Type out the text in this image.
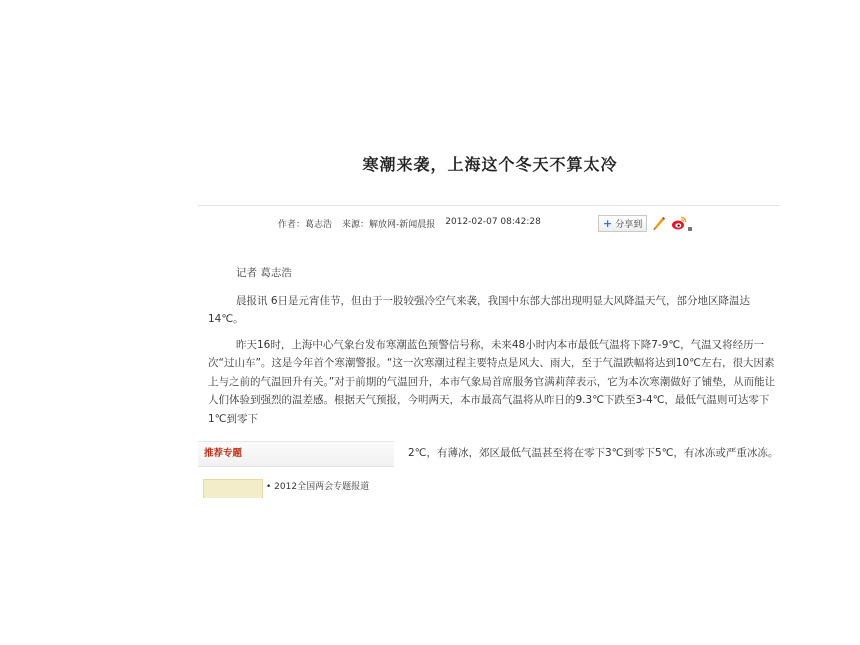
寒潮来袭，上海这个冬天不算太冷
作者：葛志浩 来源：解放网-新闻晨报 2012-02-07 08:42:28	+ 分享到

记者 葛志浩

晨报讯 6日是元宵佳节，但由于一股较强冷空气来袭，我国中东部大部出现明显大风降温天气，部分地区降温达14℃。

昨天16时，上海中心气象台发布寒潮蓝色预警信号称，未来48小时内本市最低气温将下降7-9℃，气温又将经历一次“过山车”。这是今年首个寒潮警报。“这一次寒潮过程主要特点是风大、雨大，至于气温跌幅将达到10℃左右，很大因素上与之前的气温回升有关。”对于前期的气温回升，本市气象局首席服务官满莉萍表示，它为本次寒潮做好了铺垫，从而能让人们体验到强烈的温差感。根据天气预报，今明两天，本市最高气温将从昨日的9.3℃下跌至3-4℃，最低气温则可达零下1℃到零下

2℃，有薄冰，郊区最低气温甚至将在零下3℃到零下5℃，有冰冻或严重冰冻。

推荐专题
• 2012全国两会专题报道
